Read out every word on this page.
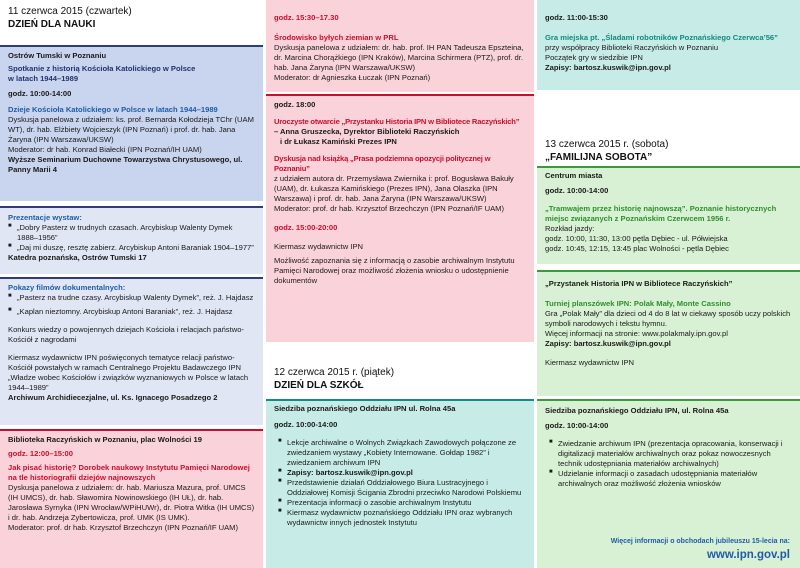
11 czerwca 2015 (czwartek)
DZIEŃ DLA NAUKI
Ostrów Tumski w Poznaniu
Spotkanie z historią Kościoła Katolickiego w Polsce
w latach 1944–1989
godz. 10:00-14:00
Dzieje Kościoła Katolickiego w Polsce w latach 1944–1989
Dyskusja panelowa z udziałem: ks. prof. Bernarda Kołodzieja TChr (UAM WT), dr. hab. Elżbiety Wojcieszyk (IPN Poznań) i prof. dr. hab. Jana Żaryna (IPN Warszawa/UKSW)
Moderator: dr hab. Konrad Białecki (IPN Poznań/IH UAM)
Wyższe Seminarium Duchowne Towarzystwa Chrystusowego, ul. Panny Marii 4
Prezentacje wystaw:
■ „Dobry Pasterz w trudnych czasach. Arcybiskup Walenty Dymek 1888–1956”
■ „Daj mi duszę, resztę zabierz. Arcybiskup Antoni Baraniak 1904–1977”
Katedra poznańska, Ostrów Tumski 17
Pokazy filmów dokumentalnych:
■ „Pasterz na trudne czasy. Arcybiskup Walenty Dymek”, reż. J. Hajdasz
■ „Kaplan nieztomny. Arcybiskup Antoni Baraniak”, reż. J. Hajdasz
Konkurs wiedzy o powojennych dziejach Kościoła i relacjach państwo-Kościół z nagrodami
Kiermasz wydawnictw IPN poświęconych tematyce relacji państwo-Kościół powstałych w ramach Centralnego Projektu Badawczego IPN „Władze wobec Kościołów i związków wyznaniowych w Polsce w latach 1944–1989”
Archiwum Archidiecezjalne, ul. Ks. Ignacego Posadzego 2
Biblioteka Raczyńskich w Poznaniu, plac Wolności 19
godz. 12:00–15:00
Jak pisać historię? Dorobek naukowy Instytutu Pamięci Narodowej na tle historiografii dziejów najnowszych
Dyskusja panelowa z udziałem: dr. hab. Mariusza Mazura, prof. UMCS (IH UMCS), dr. hab. Sławomira Nowinowskiego (IH UŁ), dr. hab. Jarosława Syrnyka (IPN Wrocław/WPiHUWr), dr. Piotra Witka (IH UMCS) i dr. hab. Andrzeja Zybertowicza, prof. UMK (IS UMK).
Moderator: prof. dr hab. Krzysztof Brzechczyn (IPN Poznań/IF UAM)
godz. 15:30–17.30
Środowisko byłych ziemian w PRL
Dyskusja panelowa z udziałem: dr. hab. prof. IH PAN Tadeusza Epszteina, dr. Marcina Chorążkiego (IPN Kraków), Marcina Schirmera (PTZ), prof. dr. hab. Jana Żaryna (IPN Warszawa/UKSW)
Moderator: dr Agnieszka Łuczak (IPN Poznań)
godz. 18:00
Uroczyste otwarcie „Przystanku Historia IPN w Bibliotece Raczyńskich”
– Anna Gruszecka, Dyrektor Biblioteki Raczyńskich
i dr Łukasz Kamiński Prezes IPN
Dyskusja nad książką „Prasa podziemna opozycji politycznej w Poznaniu”
z udziałem autora dr. Przemysława Zwiernika i: prof. Bogusława Bakuły (UAM), dr. Łukasza Kamińskiego (Prezes IPN), Jana Olaszka (IPN Warszawa) i prof. dr. hab. Jana Żaryna (IPN Warszawa/UKSW)
Moderator: prof. dr hab. Krzysztof Brzechczyn (IPN Poznań/IF UAM)
godz. 15:00-20:00
Kiermasz wydawnictw IPN
Możliwość zapoznania się z informacją o zasobie archiwalnym Instytutu Pamięci Narodowej oraz możliwość złożenia wniosku o udostępnienie dokumentów
12 czerwca 2015 r. (piątek)
DZIEŃ DLA SZKÓŁ
Siedziba poznańskiego Oddziału IPN ul. Rolna 45a
godz. 10:00-14:00
■ Lekcje archiwalne o Wolnych Związkach Zawodowych połączone ze zwiedzaniem wystawy „Kobiety Internowane. Gołdap 1982” i zwiedzaniem archiwum IPN
■ Zapisy: bartosz.kuswik@ipn.gov.pl
■ Przedstawienie działań Oddziałowego Biura Lustracyjnego i Oddziałowej Komisji Ścigania Zbrodni przeciwko Narodowi Polskiemu
■ Prezentacja informacji o zasobie archiwalnym Instytutu
■ Kiermasz wydawnictw poznańskiego Oddziału IPN oraz wybranych wydawnictw innych jednostek Instytutu
godz. 11:00-15:30
Gra miejska pt. „Śladami robotników Poznańskiego Czerwca’56”
przy współpracy Biblioteki Raczyńskich w Poznaniu
Początek gry w siedzibie IPN
Zapisy: bartosz.kuswik@ipn.gov.pl
13 czerwca 2015 r. (sobota)
„FAMILIJNA SOBOTA”
Centrum miasta
godz. 10:00-14:00
„Tramwajem przez historię najnowszą”. Poznanie historycznych miejsc związanych z Poznańskim Czerwcem 1956 r.
Rozkład jazdy:
godz. 10:00, 11:30, 13:00 pętla Dębiec - ul. Półwiejska
godz. 10:45, 12:15, 13:45 plac Wolności - pętla Dębiec
„Przystanek Historia IPN w Bibliotece Raczyńskich”
Turniej planszówek IPN: Polak Mały, Monte Cassino
Gra „Polak Mały” dla dzieci od 4 do 8 lat w ciekawy sposób uczy polskich symboli narodowych i tekstu hymnu.
Więcej informacji na stronie: www.polakmaly.ipn.gov.pl
Zapisy: bartosz.kuswik@ipn.gov.pl
Kiermasz wydawnictw IPN
Siedziba poznańskiego Oddziału IPN, ul. Rolna 45a
godz. 10:00-14:00
■ Zwiedzanie archiwum IPN (prezentacja opracowania, konserwacji i digitalizacji materiałów archiwalnych oraz pokaz nowoczesnych technik udostępniania materiałów archiwalnych)
■ Udzielanie informacji o zasadach udostępniania materiałów archiwalnych oraz możliwość złożenia wniosków
Więcej informacji o obchodach jubileuszu 15-lecia na:
www.ipn.gov.pl
